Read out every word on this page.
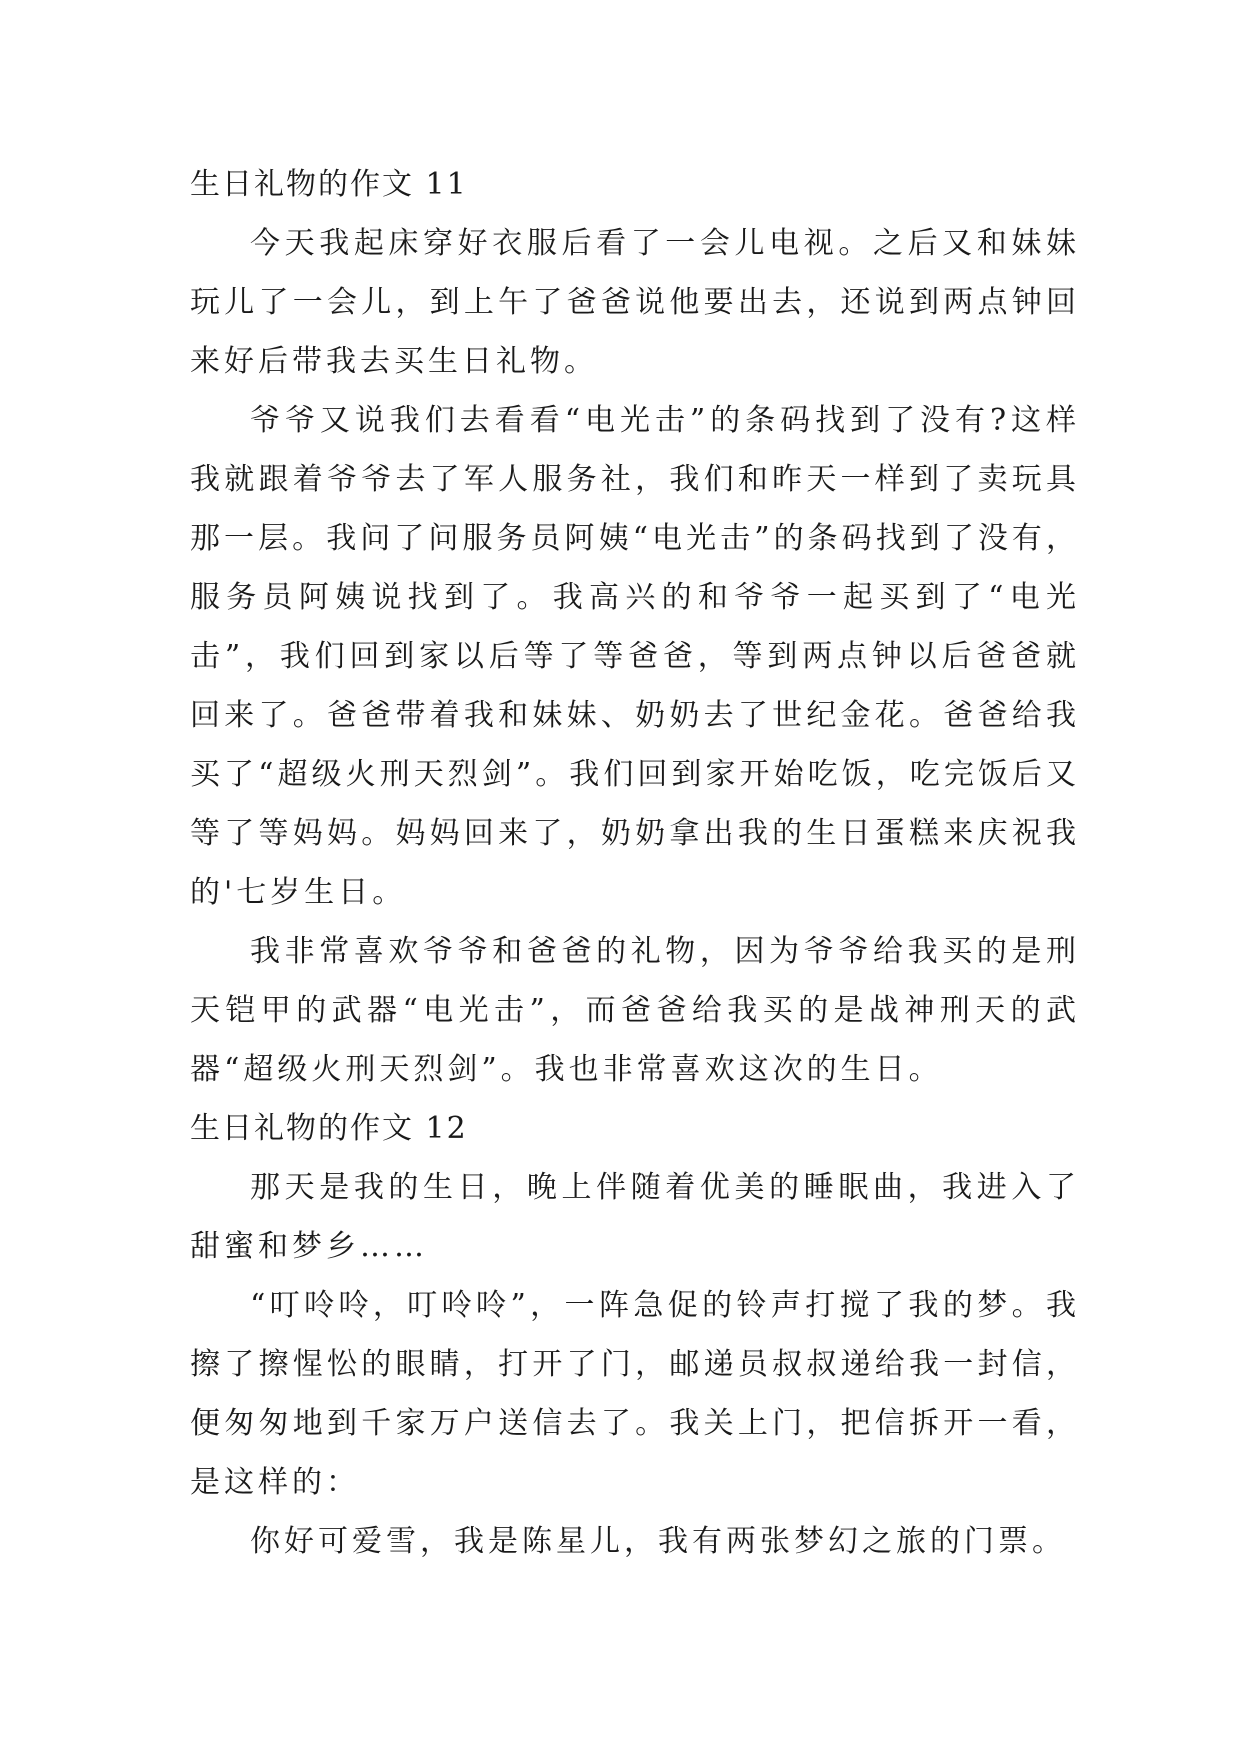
生日礼物的作文 11

今天我起床穿好衣服后看了一会儿电视。之后又和妹妹玩儿了一会儿，到上午了爸爸说他要出去，还说到两点钟回来好后带我去买生日礼物。

爷爷又说我们去看看“电光击”的条码找到了没有?这样我就跟着爷爷去了军人服务社，我们和昨天一样到了卖玩具那一层。我问了问服务员阿姨“电光击”的条码找到了没有，服务员阿姨说找到了。我高兴的和爷爷一起买到了“电光击”，我们回到家以后等了等爸爸，等到两点钟以后爸爸就回来了。爸爸带着我和妹妹、奶奶去了世纪金花。爸爸给我买了“超级火刑天烈剑”。我们回到家开始吃饭，吃完饭后又等了等妈妈。妈妈回来了，奶奶拿出我的生日蛋糕来庆祝我的'七岁生日。

我非常喜欢爷爷和爸爸的礼物，因为爷爷给我买的是刑天铠甲的武器“电光击”，而爸爸给我买的是战神刑天的武器“超级火刑天烈剑”。我也非常喜欢这次的生日。

生日礼物的作文 12

那天是我的生日，晚上伴随着优美的睡眠曲，我进入了甜蜜和梦乡……

“叮呤呤，叮呤呤”，一阵急促的铃声打搅了我的梦。我擦了擦惺忪的眼睛，打开了门，邮递员叔叔递给我一封信，便匆匆地到千家万户送信去了。我关上门，把信拆开一看，是这样的：

你好可爱雪，我是陈星儿，我有两张梦幻之旅的门票。
